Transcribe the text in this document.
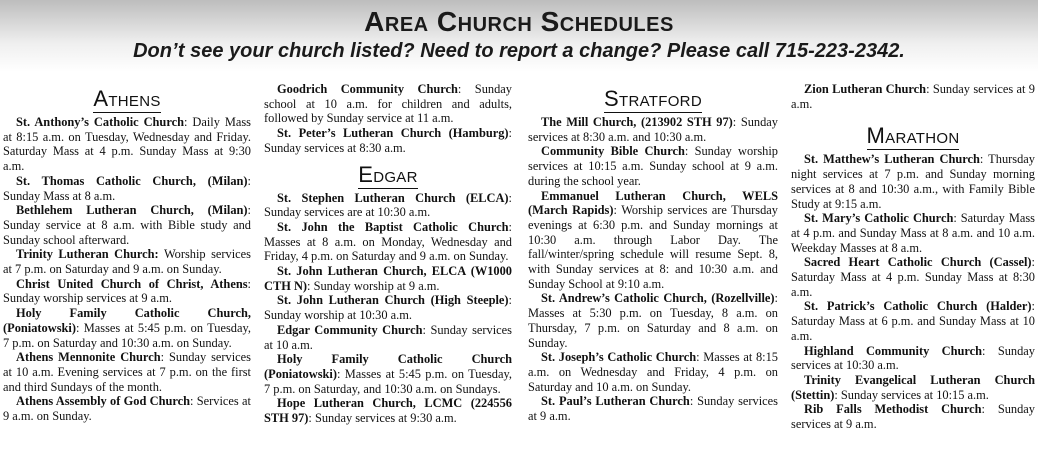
Area Church Schedules
Don’t see your church listed? Need to report a change? Please call 715-223-2342.
Athens

St. Anthony’s Catholic Church: Daily Mass at 8:15 a.m. on Tuesday, Wednesday and Friday. Saturday Mass at 4 p.m. Sunday Mass at 9:30 a.m.

St. Thomas Catholic Church, (Milan): Sunday Mass at 8 a.m.

Bethlehem Lutheran Church, (Milan): Sunday service at 8 a.m. with Bible study and Sunday school afterward.

Trinity Lutheran Church: Worship services at 7 p.m. on Saturday and 9 a.m. on Sunday.

Christ United Church of Christ, Athens: Sunday worship services at 9 a.m.

Holy Family Catholic Church, (Poniatowski): Masses at 5:45 p.m. on Tuesday, 7 p.m. on Saturday and 10:30 a.m. on Sunday.

Athens Mennonite Church: Sunday services at 10 a.m. Evening services at 7 p.m. on the first and third Sundays of the month.

Athens Assembly of God Church: Services at 9 a.m. on Sunday.

Goodrich Community Church: Sunday school at 10 a.m. for children and adults, followed by Sunday service at 11 a.m.

St. Peter’s Lutheran Church (Hamburg): Sunday services at 8:30 a.m.

Edgar

St. Stephen Lutheran Church (ELCA): Sunday services are at 10:30 a.m.

St. John the Baptist Catholic Church: Masses at 8 a.m. on Monday, Wednesday and Friday, 4 p.m. on Saturday and 9 a.m. on Sunday.

St. John Lutheran Church, ELCA (W1000 CTH N): Sunday worship at 9 a.m.

St. John Lutheran Church (High Steeple): Sunday worship at 10:30 a.m.

Edgar Community Church: Sunday services at 10 a.m.

Holy Family Catholic Church (Poniatowski): Masses at 5:45 p.m. on Tuesday, 7 p.m. on Saturday, and 10:30 a.m. on Sundays.

Hope Lutheran Church, LCMC (224556 STH 97): Sunday services at 9:30 a.m.

Stratford

The Mill Church, (213902 STH 97): Sunday services at 8:30 a.m. and 10:30 a.m.

Community Bible Church: Sunday worship services at 10:15 a.m. Sunday school at 9 a.m. during the school year.

Emmanuel Lutheran Church, WELS (March Rapids): Worship services are Thursday evenings at 6:30 p.m. and Sunday mornings at 10:30 a.m. through Labor Day. The fall/winter/spring schedule will resume Sept. 8, with Sunday services at 8: and 10:30 a.m. and Sunday School at 9:10 a.m.

St. Andrew’s Catholic Church, (Rozellville): Masses at 5:30 p.m. on Tuesday, 8 a.m. on Thursday, 7 p.m. on Saturday and 8 a.m. on Sunday.

St. Joseph’s Catholic Church: Masses at 8:15 a.m. on Wednesday and Friday, 4 p.m. on Saturday and 10 a.m. on Sunday.

St. Paul’s Lutheran Church: Sunday services at 9 a.m.

Zion Lutheran Church: Sunday services at 9 a.m.

Marathon

St. Matthew’s Lutheran Church: Thursday night services at 7 p.m. and Sunday morning services at 8 and 10:30 a.m., with Family Bible Study at 9:15 a.m.

St. Mary’s Catholic Church: Saturday Mass at 4 p.m. and Sunday Mass at 8 a.m. and 10 a.m. Weekday Masses at 8 a.m.

Sacred Heart Catholic Church (Cassel): Saturday Mass at 4 p.m. Sunday Mass at 8:30 a.m.

St. Patrick’s Catholic Church (Halder): Saturday Mass at 6 p.m. and Sunday Mass at 10 a.m.

Highland Community Church: Sunday services at 10:30 a.m.

Trinity Evangelical Lutheran Church (Stettin): Sunday services at 10:15 a.m.

Rib Falls Methodist Church: Sunday services at 9 a.m.
